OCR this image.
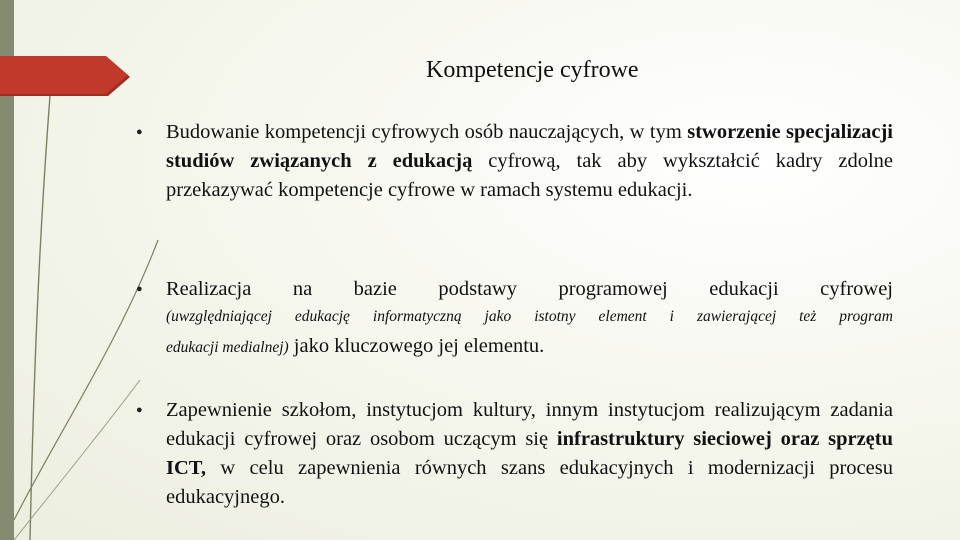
Kompetencje cyfrowe

●	Budowanie kompetencji cyfrowych osób nauczających, w tym stworzenie specjalizacji studiów związanych z edukacją cyfrową, tak aby wykształcić kadry zdolne przekazywać kompetencje cyfrowe w ramach systemu edukacji.

●	Realizacja na bazie podstawy programowej edukacji cyfrowej
(uwzględniającej edukację informatyczną jako istotny element i zawierającej też program
edukacji medialnej) jako kluczowego jej elementu.

●	Zapewnienie szkołom, instytucjom kultury, innym instytucjom realizującym zadania edukacji cyfrowej oraz osobom uczącym się infrastruktury sieciowej oraz sprzętu ICT, w celu zapewnienia równych szans edukacyjnych i modernizacji procesu edukacyjnego.
